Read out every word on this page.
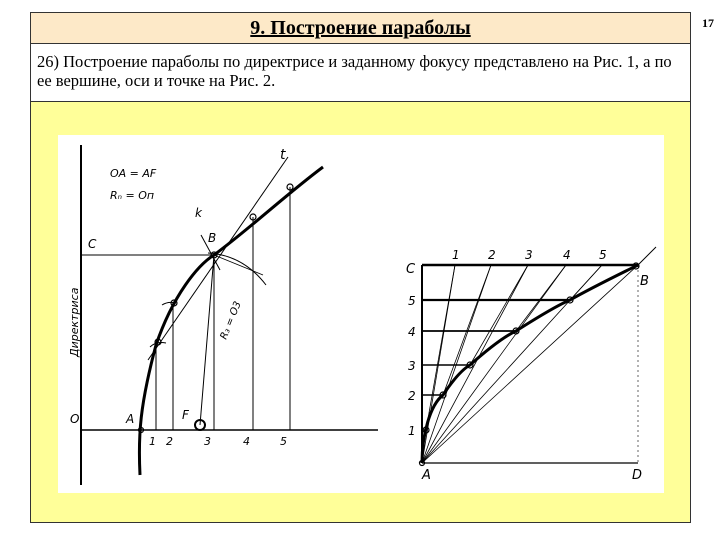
9. Построение параболы	17
26) Построение параболы по директрисе и заданному фокусу представлено на Рис. 1, а по ее вершине, оси и точке на Рис. 2.
OA = AF
Rₙ = Оп
Директриса
t
k
B
C
O	A	F
R₃ = O3
1 2	3	4	5
C
A
B
D
1 2 3	4 5
5
4
3
2
1
